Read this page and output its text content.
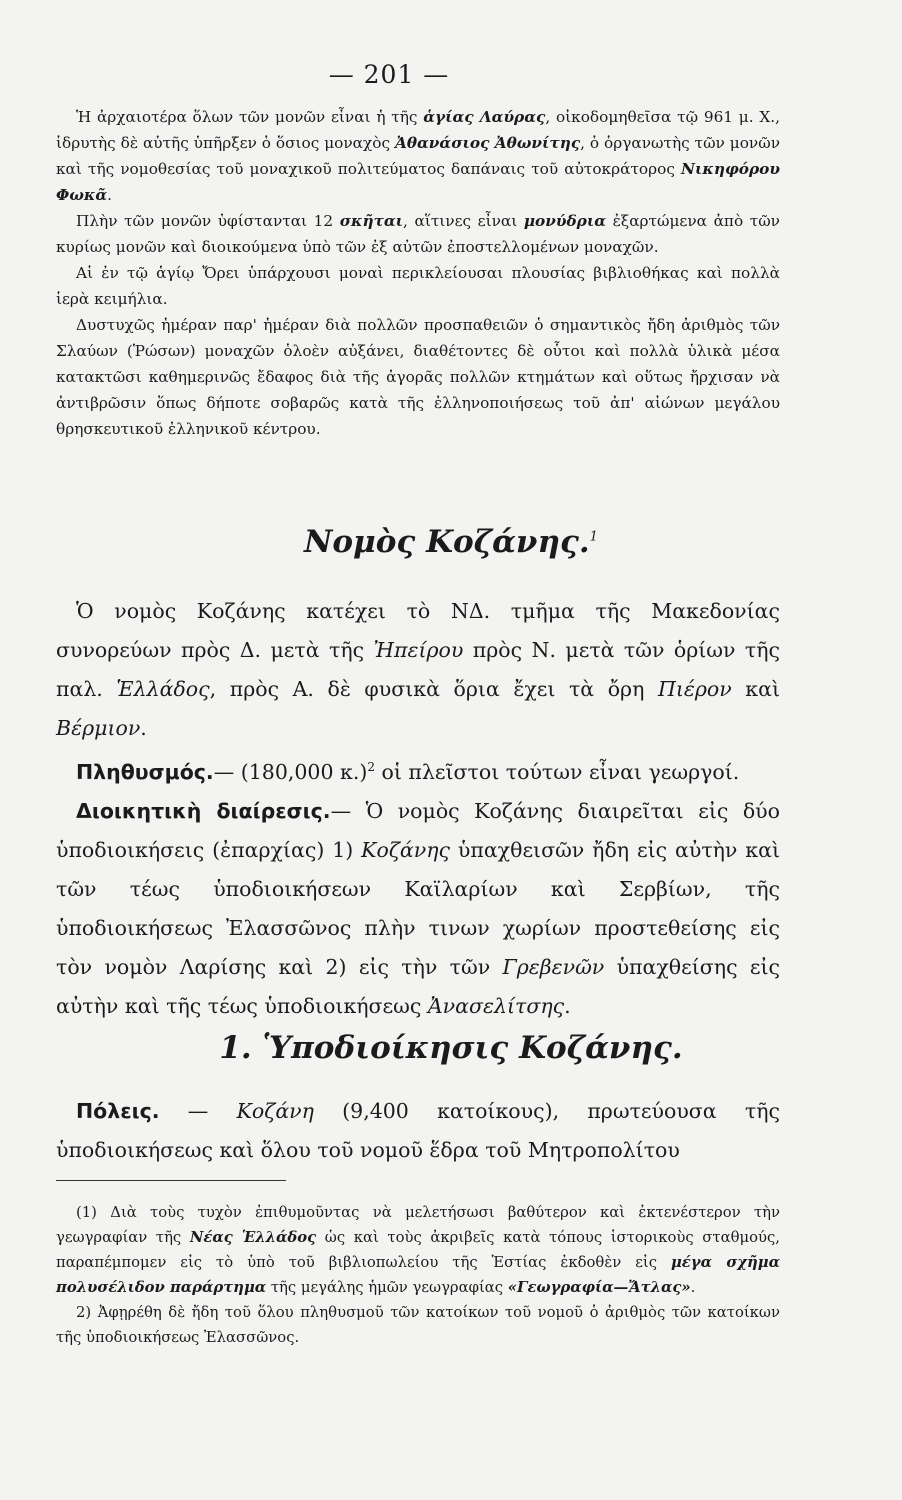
— 201 —

Ἡ ἀρχαιοτέρα ὅλων τῶν μονῶν εἶναι ἡ τῆς ἁγίας Λαύρας, οἰκοδομηθεῖσα τῷ 961 μ. Χ., ἱδρυτὴς δὲ αὐτῆς ὑπῆρξεν ὁ ὅσιος μοναχὸς Ἀθανάσιος Ἀθωνίτης, ὁ ὀργανωτὴς τῶν μονῶν καὶ τῆς νομοθεσίας τοῦ μοναχικοῦ πολιτεύματος δαπάναις τοῦ αὐτοκράτορος Νικηφόρου Φωκᾶ.

Πλὴν τῶν μονῶν ὑφίστανται 12 σκῆται, αἵτινες εἶναι μονύδρια ἐξαρτώμενα ἀπὸ τῶν κυρίως μονῶν καὶ διοικούμενα ὑπὸ τῶν ἐξ αὐτῶν ἐποστελλομένων μοναχῶν.

Αἱ ἐν τῷ ἁγίῳ Ὄρει ὑπάρχουσι μοναὶ περικλείουσαι πλουσίας βιβλιοθήκας καὶ πολλὰ ἱερὰ κειμήλια.

Δυστυχῶς ἡμέραν παρ' ἡμέραν διὰ πολλῶν προσπαθειῶν ὁ σημαντικὸς ἤδη ἀριθμὸς τῶν Σλαύων (Ῥώσων) μοναχῶν ὁλοὲν αὐξάνει, διαθέτοντες δὲ οὗτοι καὶ πολλὰ ὑλικὰ μέσα κατακτῶσι καθημερινῶς ἔδαφος διὰ τῆς ἀγορᾶς πολλῶν κτημάτων καὶ οὕτως ἤρχισαν νὰ ἀντιβρῶσιν ὅπως δήποτε σοβαρῶς κατὰ τῆς ἐλληνοποιήσεως τοῦ ἀπ' αἰώνων μεγάλου θρησκευτικοῦ ἑλληνικοῦ κέντρου.

Νομὸς Κοζάνης.$^1$

Ὁ νομὸς Κοζάνης κατέχει τὸ ΝΔ. τμῆμα τῆς Μακεδονίας συνορεύων πρὸς Δ. μετὰ τῆς Ἠπείρου πρὸς Ν. μετὰ τῶν ὁρίων τῆς παλ. Ἑλλάδος, πρὸς Α. δὲ φυσικὰ ὅρια ἔχει τὰ ὄρη Πιέρον καὶ Βέρμιον.

Πληθυσμός.— (180,000 κ.)$^2$ οἱ πλεῖστοι τούτων εἶναι γεωργοί.

Διοικητικὴ διαίρεσις.— Ὁ νομὸς Κοζάνης διαιρεῖται εἰς δύο ὑποδιοικήσεις (ἐπαρχίας) 1) Κοζάνης ὑπαχθεισῶν ἤδη εἰς αὐτὴν καὶ τῶν τέως ὑποδιοικήσεων Καϊλαρίων καὶ Σερβίων, τῆς ὑποδιοικήσεως Ἐλασσῶνος πλὴν τινων χωρίων προστεθείσης εἰς τὸν νομὸν Λαρίσης καὶ 2) εἰς τὴν τῶν Γρεβενῶν ὑπαχθείσης εἰς αὐτὴν καὶ τῆς τέως ὑποδιοικήσεως Ἀνασελίτσης.

1. Ὑποδιοίκησις Κοζάνης.

Πόλεις. — Κοζάνη (9,400 κατοίκους), πρωτεύουσα τῆς ὑποδιοικήσεως καὶ ὅλου τοῦ νομοῦ ἕδρα τοῦ Μητροπολίτου

(1) Διὰ τοὺς τυχὸν ἐπιθυμοῦντας νὰ μελετήσωσι βαθύτερον καὶ ἐκτενέστερον τὴν γεωγραφίαν τῆς Νέας Ἑλλάδος ὡς καὶ τοὺς ἀκριβεῖς κατὰ τόπους ἱστορικοὺς σταθμούς, παραπέμπομεν εἰς τὸ ὑπὸ τοῦ βιβλιοπωλείου τῆς Ἑστίας ἐκδοθὲν εἰς μέγα σχῆμα πολυσέλιδον παράρτημα τῆς μεγάλης ἡμῶν γεωγραφίας «Γεωγραφία—Ἄτλας».

2) Ἀφῃρέθη δὲ ἤδη τοῦ ὅλου πληθυσμοῦ τῶν κατοίκων τοῦ νομοῦ ὁ ἀριθμὸς τῶν κατοίκων τῆς ὑποδιοικήσεως Ἐλασσῶνος.
